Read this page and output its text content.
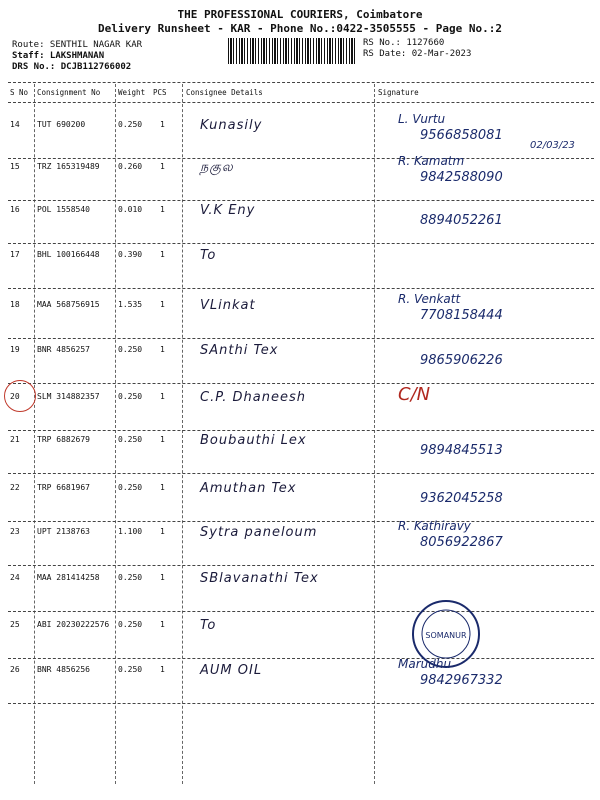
THE PROFESSIONAL COURIERS, Coimbatore
Delivery Runsheet - KAR - Phone No.:0422-3505555 - Page No.:2
Route: SENTHIL NAGAR KAR
Staff: LAKSHMANAN
DRS No.: DCJB112766002
RS No.: 1127660
RS Date: 02-Mar-2023
S No Consignment No Weight PCS	Consignee Details	Signature
14 TUT 690200	0.250 1	Kunasily	L. Vurtu
9566858081
02/03/23
15 TRZ 165319489 0.260 1	நகுல	R. Kamatm
9842588090
16 POL 1558540	0.010 1	V.K Eny
8894052261
17 BHL 100166448 0.390 1	To
18 MAA 568756915 1.535 1	VLinkat	R. Venkatt
7708158444
19 BNR 4856257	0.250 1	SAnthi Tex
9865906226
20 SLM 314882357 0.250 1	C.P. Dhaneesh	C/N
21 TRP 6882679	0.250 1	Boubauthi Lex
9894845513
22 TRP 6681967	0.250 1	Amuthan Tex
9362045258
23 UPT 2138763	1.100 1	Sytra paneloum	R. Kathiravy
8056922867
24 MAA 281414258 0.250 1	SBlavanathi Tex
25 ABI 20230222576 0.250 1	To
26 BNR 4856256	0.250 1	AUM OIL	Marudhu
9842967332
SOMANUR
